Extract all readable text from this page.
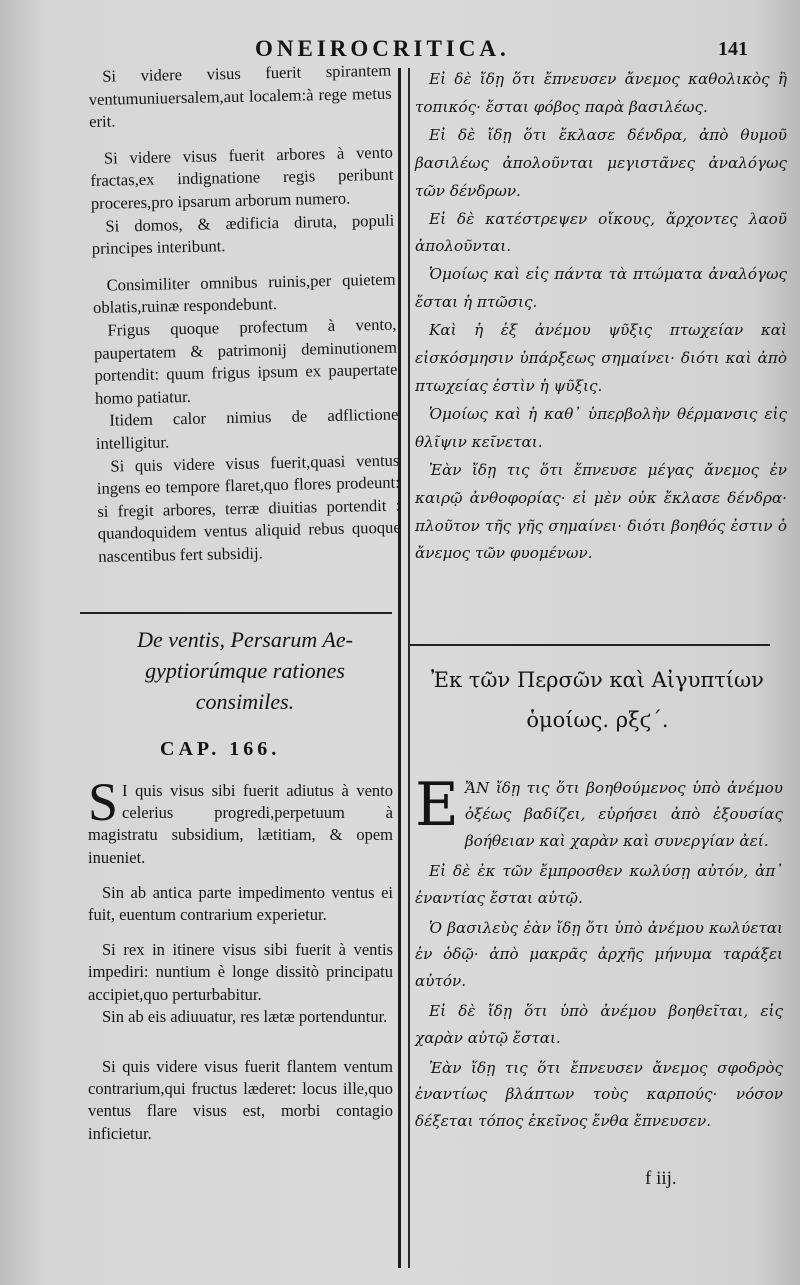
ONEIROCRITICA.	141

Si videre visus fuerit spirantem ventumuniuersalem,aut localem:à rege metus erit.

Si videre visus fuerit arbores à vento fractas,ex indignatione regis peribunt proceres,pro ipsarum arborum numero.

Si domos, & ædificia diruta, populi principes interibunt.

Consimiliter omnibus ruinis,per quietem oblatis,ruinæ respondebunt.

Frigus quoque profectum à vento, paupertatem & patrimonij deminutionem portendit: quum frigus ipsum ex paupertate homo patiatur.

Itidem calor nimius de adflictione intelligitur.

Si quis videre visus fuerit,quasi ventus ingens eo tempore flaret,quo flores prodeunt: si fregit arbores, terræ diuitias portendit : quandoquidem ventus aliquid rebus quoque nascentibus fert subsidij.

Εἰ δὲ ἴδῃ ὅτι ἔπνευσεν ἄνεμος καθολικὸς ἢ τοπικός· ἔσται φόβος παρὰ βασιλέως.

Εἰ δὲ ἴδῃ ὅτι ἔκλασε δένδρα, ἀπὸ θυμοῦ βασιλέως ἀπολοῦνται μεγιστᾶνες ἀναλόγως τῶν δένδρων.

Εἰ δὲ κατέστρεψεν οἴκους, ἄρχοντες λαοῦ ἀπολοῦνται.

Ὁμοίως καὶ εἰς πάντα τὰ πτώματα ἀναλόγως ἔσται ἡ πτῶσις.

Καὶ ἡ ἐξ ἀνέμου ψῦξις πτωχείαν καὶ εἰσκόσμησιν ὑπάρξεως σημαίνει· διότι καὶ ἀπὸ πτωχείας ἐστὶν ἡ ψῦξις.

Ὁμοίως καὶ ἡ καθ᾽ ὑπερβολὴν θέρμανσις εἰς θλῖψιν κεῖνεται.

Ἐὰν ἴδῃ τις ὅτι ἔπνευσε μέγας ἄνεμος ἐν καιρῷ ἀνθοφορίας· εἰ μὲν οὐκ ἔκλασε δένδρα· πλοῦτον τῆς γῆς σημαίνει· διότι βοηθός ἐστιν ὁ ἄνεμος τῶν φυομένων.

De ventis, Persarum Ae-
gyptiorúmque rationes
consimiles.
CAP. 166.

S I quis visus sibi fuerit adiutus à vento celerius progredi,perpetuum à magistratu subsidium, lætitiam, & opem inueniet.

Sin ab antica parte impedimento ventus ei fuit, euentum contrarium experietur.

Si rex in itinere visus sibi fuerit à ventis impediri: nuntium è longe dissitò principatu accipiet,quo perturbabitur.

Sin ab eis adiuuatur, res lætæ portenduntur.

Si quis videre visus fuerit flantem ventum contrarium,qui fructus læderet: locus ille,quo ventus flare visus est, morbi contagio inficietur.

Ἐκ τῶν Περσῶν καὶ Αἰγυπτίων
ὁμοίως. ρξϛ΄.

ΕἌΝ ἴδῃ τις ὅτι βοηθούμενος ὑπὸ ἀνέμου ὀξέως βαδίζει, εὑρήσει ἀπὸ ἐξουσίας βοήθειαν καὶ χαρὰν καὶ συνεργίαν ἀεί.

Εἰ δὲ ἐκ τῶν ἔμπροσθεν κωλύσῃ αὐτόν, ἀπ᾽ ἐναντίας ἔσται αὐτῷ.

Ὁ βασιλεὺς ἐὰν ἴδῃ ὅτι ὑπὸ ἀνέμου κωλύεται ἐν ὁδῷ· ἀπὸ μακρᾶς ἀρχῆς μήνυμα ταράξει αὐτόν.

Εἰ δὲ ἴδῃ ὅτι ὑπὸ ἀνέμου βοηθεῖται, εἰς χαρὰν αὐτῷ ἔσται.

Ἐὰν ἴδῃ τις ὅτι ἔπνευσεν ἄνεμος σφοδρὸς ἐναντίως βλάπτων τοὺς καρπούς· νόσον δέξεται τόπος ἐκεῖνος ἔνθα ἔπνευσεν.

f iij.
